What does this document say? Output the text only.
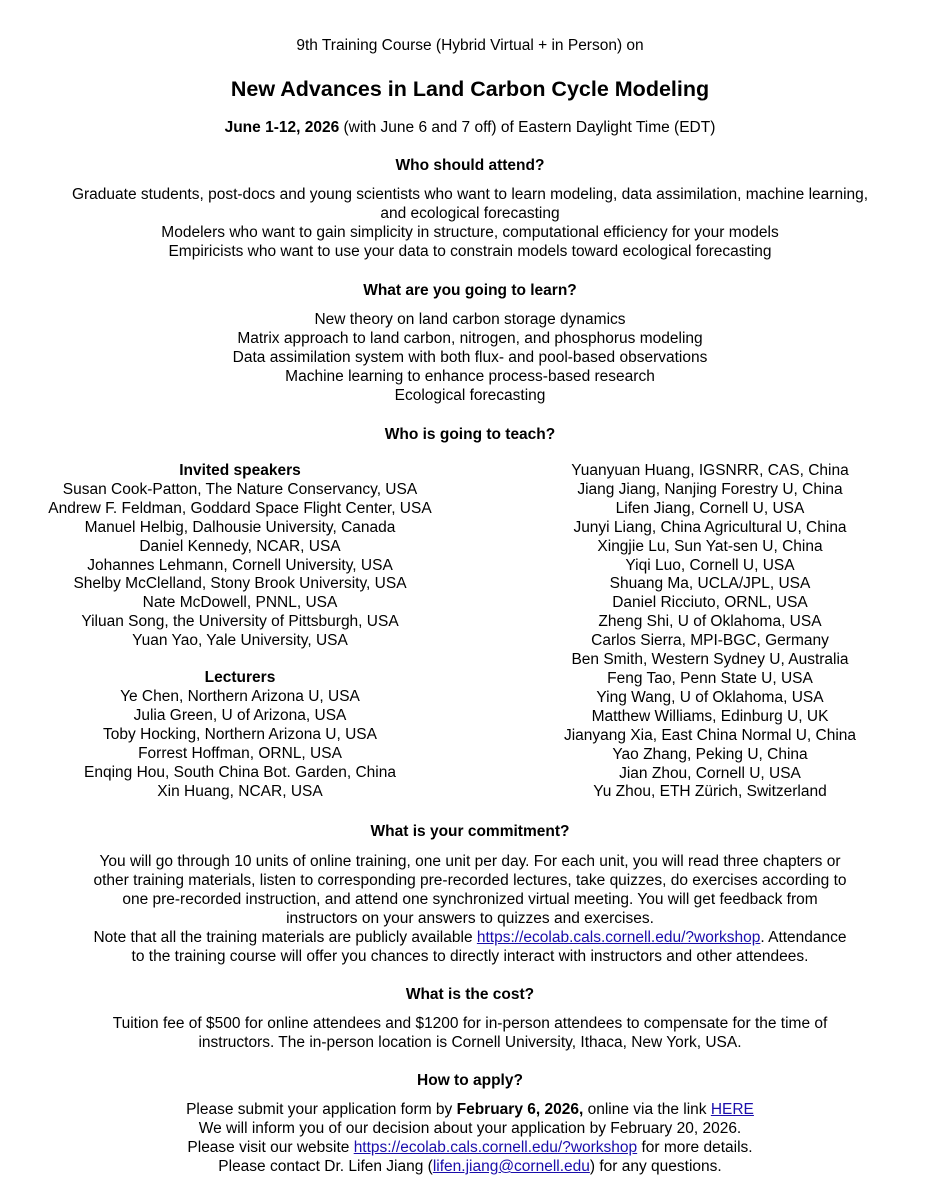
9th Training Course (Hybrid Virtual + in Person) on
New Advances in Land Carbon Cycle Modeling
June 1-12, 2026 (with June 6 and 7 off) of Eastern Daylight Time (EDT)
Who should attend?
Graduate students, post-docs and young scientists who want to learn modeling, data assimilation, machine learning,
and ecological forecasting
Modelers who want to gain simplicity in structure, computational efficiency for your models
Empiricists who want to use your data to constrain models toward ecological forecasting
What are you going to learn?
New theory on land carbon storage dynamics
Matrix approach to land carbon, nitrogen, and phosphorus modeling
Data assimilation system with both flux- and pool-based observations
Machine learning to enhance process-based research
Ecological forecasting
Who is going to teach?
Invited speakers
Susan Cook-Patton, The Nature Conservancy, USA
Andrew F. Feldman, Goddard Space Flight Center, USA
Manuel Helbig, Dalhousie University, Canada
Daniel Kennedy, NCAR, USA
Johannes Lehmann, Cornell University, USA
Shelby McClelland, Stony Brook University, USA
Nate McDowell, PNNL, USA
Yiluan Song, the University of Pittsburgh, USA
Yuan Yao, Yale University, USA
Lecturers
Ye Chen, Northern Arizona U, USA
Julia Green, U of Arizona, USA
Toby Hocking, Northern Arizona U, USA
Forrest Hoffman, ORNL, USA
Enqing Hou, South China Bot. Garden, China
Xin Huang, NCAR, USA
Yuanyuan Huang, IGSNRR, CAS, China
Jiang Jiang, Nanjing Forestry U, China
Lifen Jiang, Cornell U, USA
Junyi Liang, China Agricultural U, China
Xingjie Lu, Sun Yat-sen U, China
Yiqi Luo, Cornell U, USA
Shuang Ma, UCLA/JPL, USA
Daniel Ricciuto, ORNL, USA
Zheng Shi, U of Oklahoma, USA
Carlos Sierra, MPI-BGC, Germany
Ben Smith, Western Sydney U, Australia
Feng Tao, Penn State U, USA
Ying Wang, U of Oklahoma, USA
Matthew Williams, Edinburg U, UK
Jianyang Xia, East China Normal U, China
Yao Zhang, Peking U, China
Jian Zhou, Cornell U, USA
Yu Zhou, ETH Zürich, Switzerland
What is your commitment?
You will go through 10 units of online training, one unit per day. For each unit, you will read three chapters or
other training materials, listen to corresponding pre-recorded lectures, take quizzes, do exercises according to
one pre-recorded instruction, and attend one synchronized virtual meeting. You will get feedback from
instructors on your answers to quizzes and exercises.
Note that all the training materials are publicly available https://ecolab.cals.cornell.edu/?workshop. Attendance
to the training course will offer you chances to directly interact with instructors and other attendees.
What is the cost?
Tuition fee of $500 for online attendees and $1200 for in-person attendees to compensate for the time of
instructors. The in-person location is Cornell University, Ithaca, New York, USA.
How to apply?
Please submit your application form by February 6, 2026, online via the link HERE
We will inform you of our decision about your application by February 20, 2026.
Please visit our website https://ecolab.cals.cornell.edu/?workshop for more details.
Please contact Dr. Lifen Jiang (lifen.jiang@cornell.edu) for any questions.
